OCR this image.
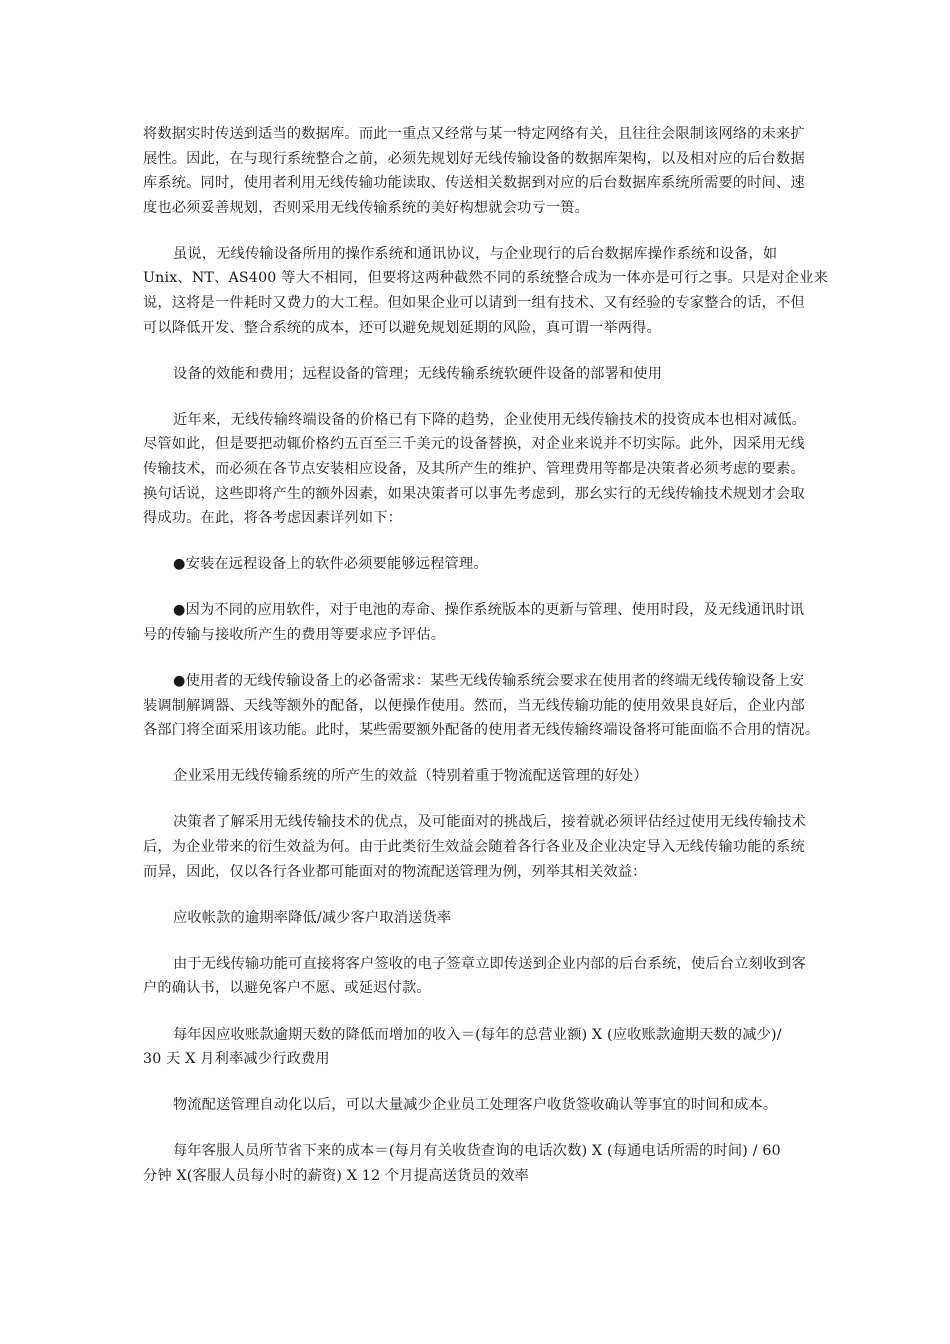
将数据实时传送到适当的数据库。而此一重点又经常与某一特定网络有关，且往往会限制该网络的未来扩
展性。因此，在与现行系统整合之前，必须先规划好无线传输设备的数据库架构，以及相对应的后台数据
库系统。同时，使用者利用无线传输功能读取、传送相关数据到对应的后台数据库系统所需要的时间、速
度也必须妥善规划，否则采用无线传输系统的美好构想就会功亏一篑。
虽说，无线传输设备所用的操作系统和通讯协议，与企业现行的后台数据库操作系统和设备，如
Unix、NT、AS400 等大不相同，但要将这两种截然不同的系统整合成为一体亦是可行之事。只是对企业来
说，这将是一件耗时又费力的大工程。但如果企业可以请到一组有技术、又有经验的专家整合的话，不但
可以降低开发、整合系统的成本，还可以避免规划延期的风险，真可谓一举两得。
设备的效能和费用；远程设备的管理；无线传输系统软硬件设备的部署和使用
近年来，无线传输终端设备的价格已有下降的趋势，企业使用无线传输技术的投资成本也相对减低。
尽管如此，但是要把动辄价格约五百至三千美元的设备替换，对企业来说并不切实际。此外，因采用无线
传输技术，而必须在各节点安装相应设备，及其所产生的维护、管理费用等都是决策者必须考虑的要素。
换句话说，这些即将产生的额外因素，如果决策者可以事先考虑到，那幺实行的无线传输技术规划才会取
得成功。在此，将各考虑因素详列如下：
●安装在远程设备上的软件必须要能够远程管理。
●因为不同的应用软件，对于电池的寿命、操作系统版本的更新与管理、使用时段，及无线通讯时讯
号的传输与接收所产生的费用等要求应予评估。
●使用者的无线传输设备上的必备需求：某些无线传输系统会要求在使用者的终端无线传输设备上安
装调制解调器、天线等额外的配备，以便操作使用。然而，当无线传输功能的使用效果良好后，企业内部
各部门将全面采用该功能。此时，某些需要额外配备的使用者无线传输终端设备将可能面临不合用的情况。
企业采用无线传输系统的所产生的效益（特别着重于物流配送管理的好处）
决策者了解采用无线传输技术的优点，及可能面对的挑战后，接着就必须评估经过使用无线传输技术
后，为企业带来的衍生效益为何。由于此类衍生效益会随着各行各业及企业决定导入无线传输功能的系统
而异，因此，仅以各行各业都可能面对的物流配送管理为例，列举其相关效益：
应收帐款的逾期率降低/减少客户取消送货率
由于无线传输功能可直接将客户签收的电子签章立即传送到企业内部的后台系统，使后台立刻收到客
户的确认书，以避免客户不愿、或延迟付款。
每年因应收账款逾期天数的降低而增加的收入＝(每年的总营业额) X (应收账款逾期天数的减少)/
30 天 X 月利率减少行政费用
物流配送管理自动化以后，可以大量减少企业员工处理客户收货签收确认等事宜的时间和成本。
每年客服人员所节省下来的成本＝(每月有关收货查询的电话次数) X (每通电话所需的时间) / 60
分钟 X(客服人员每小时的薪资) X 12 个月提高送货员的效率
